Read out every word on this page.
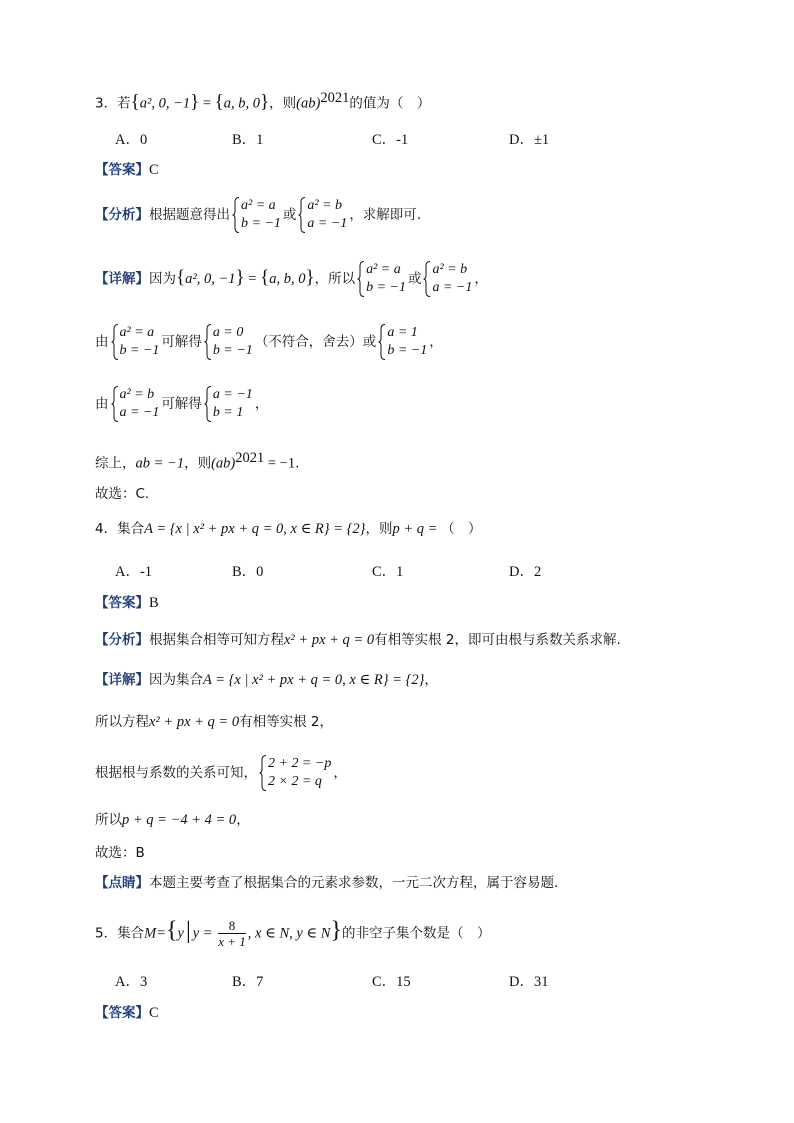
3．若{a², 0, −1} = {a, b, 0}，则(ab)$^{2021}$的值为（　）
A．0	B．1	C．-1	D．±1
【答案】C
【分析】根据题意得出
a² = a
b = −1
或
a² = b
a = −1
，求解即可.
【详解】因为{a², 0, −1} = {a, b, 0}，所以
a² = a
b = −1
或
a² = b
a = −1
，
由
a² = a
b = −1
可解得
a = 0
b = −1
（不符合，舍去）或
a = 1
b = −1
，
由
a² = b
a = −1
可解得
a = −1
b = 1
，
综上，ab = −1，则(ab)$^{2021}$ = −1.
故选：C.
4．集合A = {x | x² + px + q = 0, x ∈ R} = {2}，则p + q = （　）
A．-1	B．0	C．1	D．2
【答案】B
【分析】根据集合相等可知方程x² + px + q = 0有相等实根 2，即可由根与系数关系求解.
【详解】因为集合A = {x | x² + px + q = 0, x ∈ R} = {2}，
所以方程x² + px + q = 0有相等实根 2，
根据根与系数的关系可知，
2 + 2 = −p
2 × 2 = q
，
所以p + q = −4 + 4 = 0，
故选：B
【点睛】本题主要考查了根据集合的元素求参数，一元二次方程，属于容易题.
5．集合M={y| $y = \frac{8}{x + 1}$ , x ∈ N, y ∈ N}的非空子集个数是（　）
A．3	B．7	C．15	D．31
【答案】C
